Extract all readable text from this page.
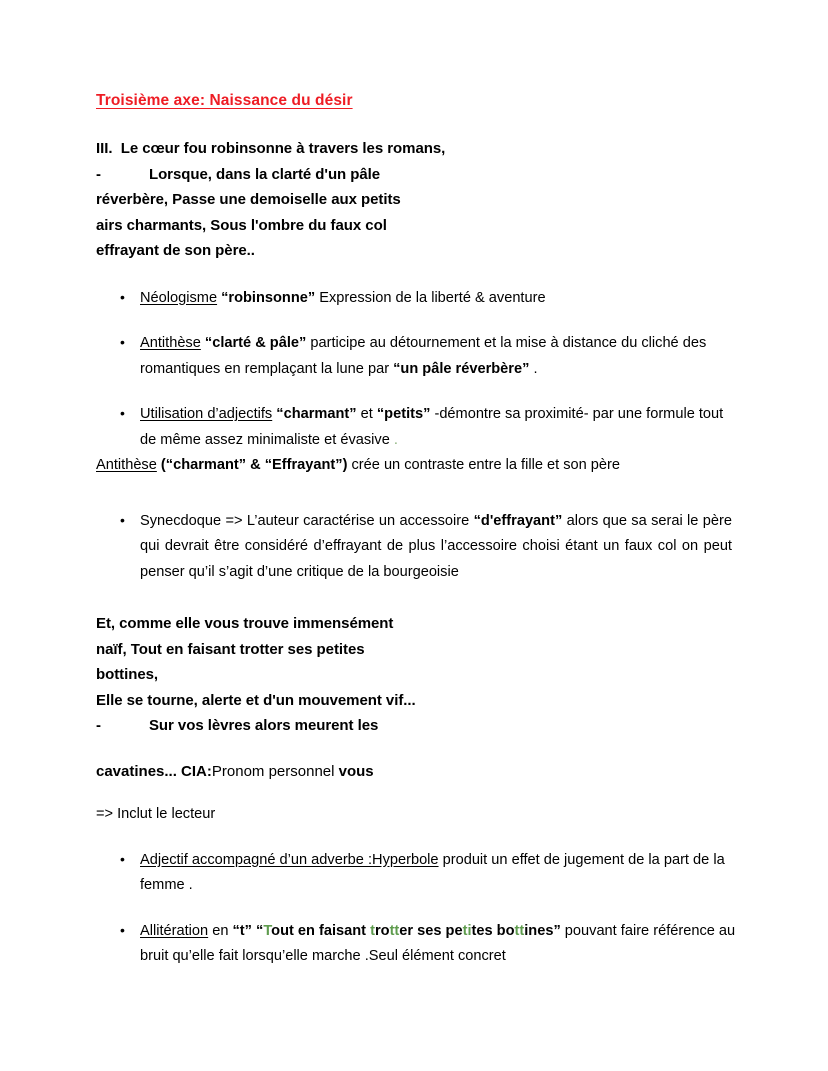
Troisième axe: Naissance du désir
III.  Le cœur fou robinsonne à travers les romans,
-	Lorsque, dans la clarté d'un pâle
réverbère, Passe une demoiselle aux petits
airs charmants, Sous l'ombre du faux col
effrayant de son père..
• Néologisme “robinsonne” Expression de la liberté & aventure
• Antithèse “clarté & pâle” participe au détournement et la mise à distance du cliché des romantiques en remplaçant la lune par “un pâle réverbère” .
• Utilisation d’adjectifs “charmant” et “petits” -démontre sa proximité- par une formule tout de même assez minimaliste et évasive .

Antithèse (“charmant” & “Effrayant”) crée un contraste entre la fille et son père

• Synecdoque => L’auteur caractérise un accessoire “d'effrayant” alors que sa serai le père qui devrait être considéré d’effrayant de plus l’accessoire choisi étant un faux col on peut penser qu’il s’agit d’une critique de la bourgeoisie
Et, comme elle vous trouve immensément
naïf, Tout en faisant trotter ses petites
bottines,
Elle se tourne, alerte et d'un mouvement vif...
-	Sur vos lèvres alors meurent les

cavatines... CIA:Pronom personnel vous

=> Inclut le lecteur

• Adjectif accompagné d’un adverbe :Hyperbole produit un effet de jugement de la part de la femme .
• Allitération en “t” “Tout en faisant trotter ses petites bottines” pouvant faire référence au bruit qu’elle fait lorsqu’elle marche .Seul élément concret
